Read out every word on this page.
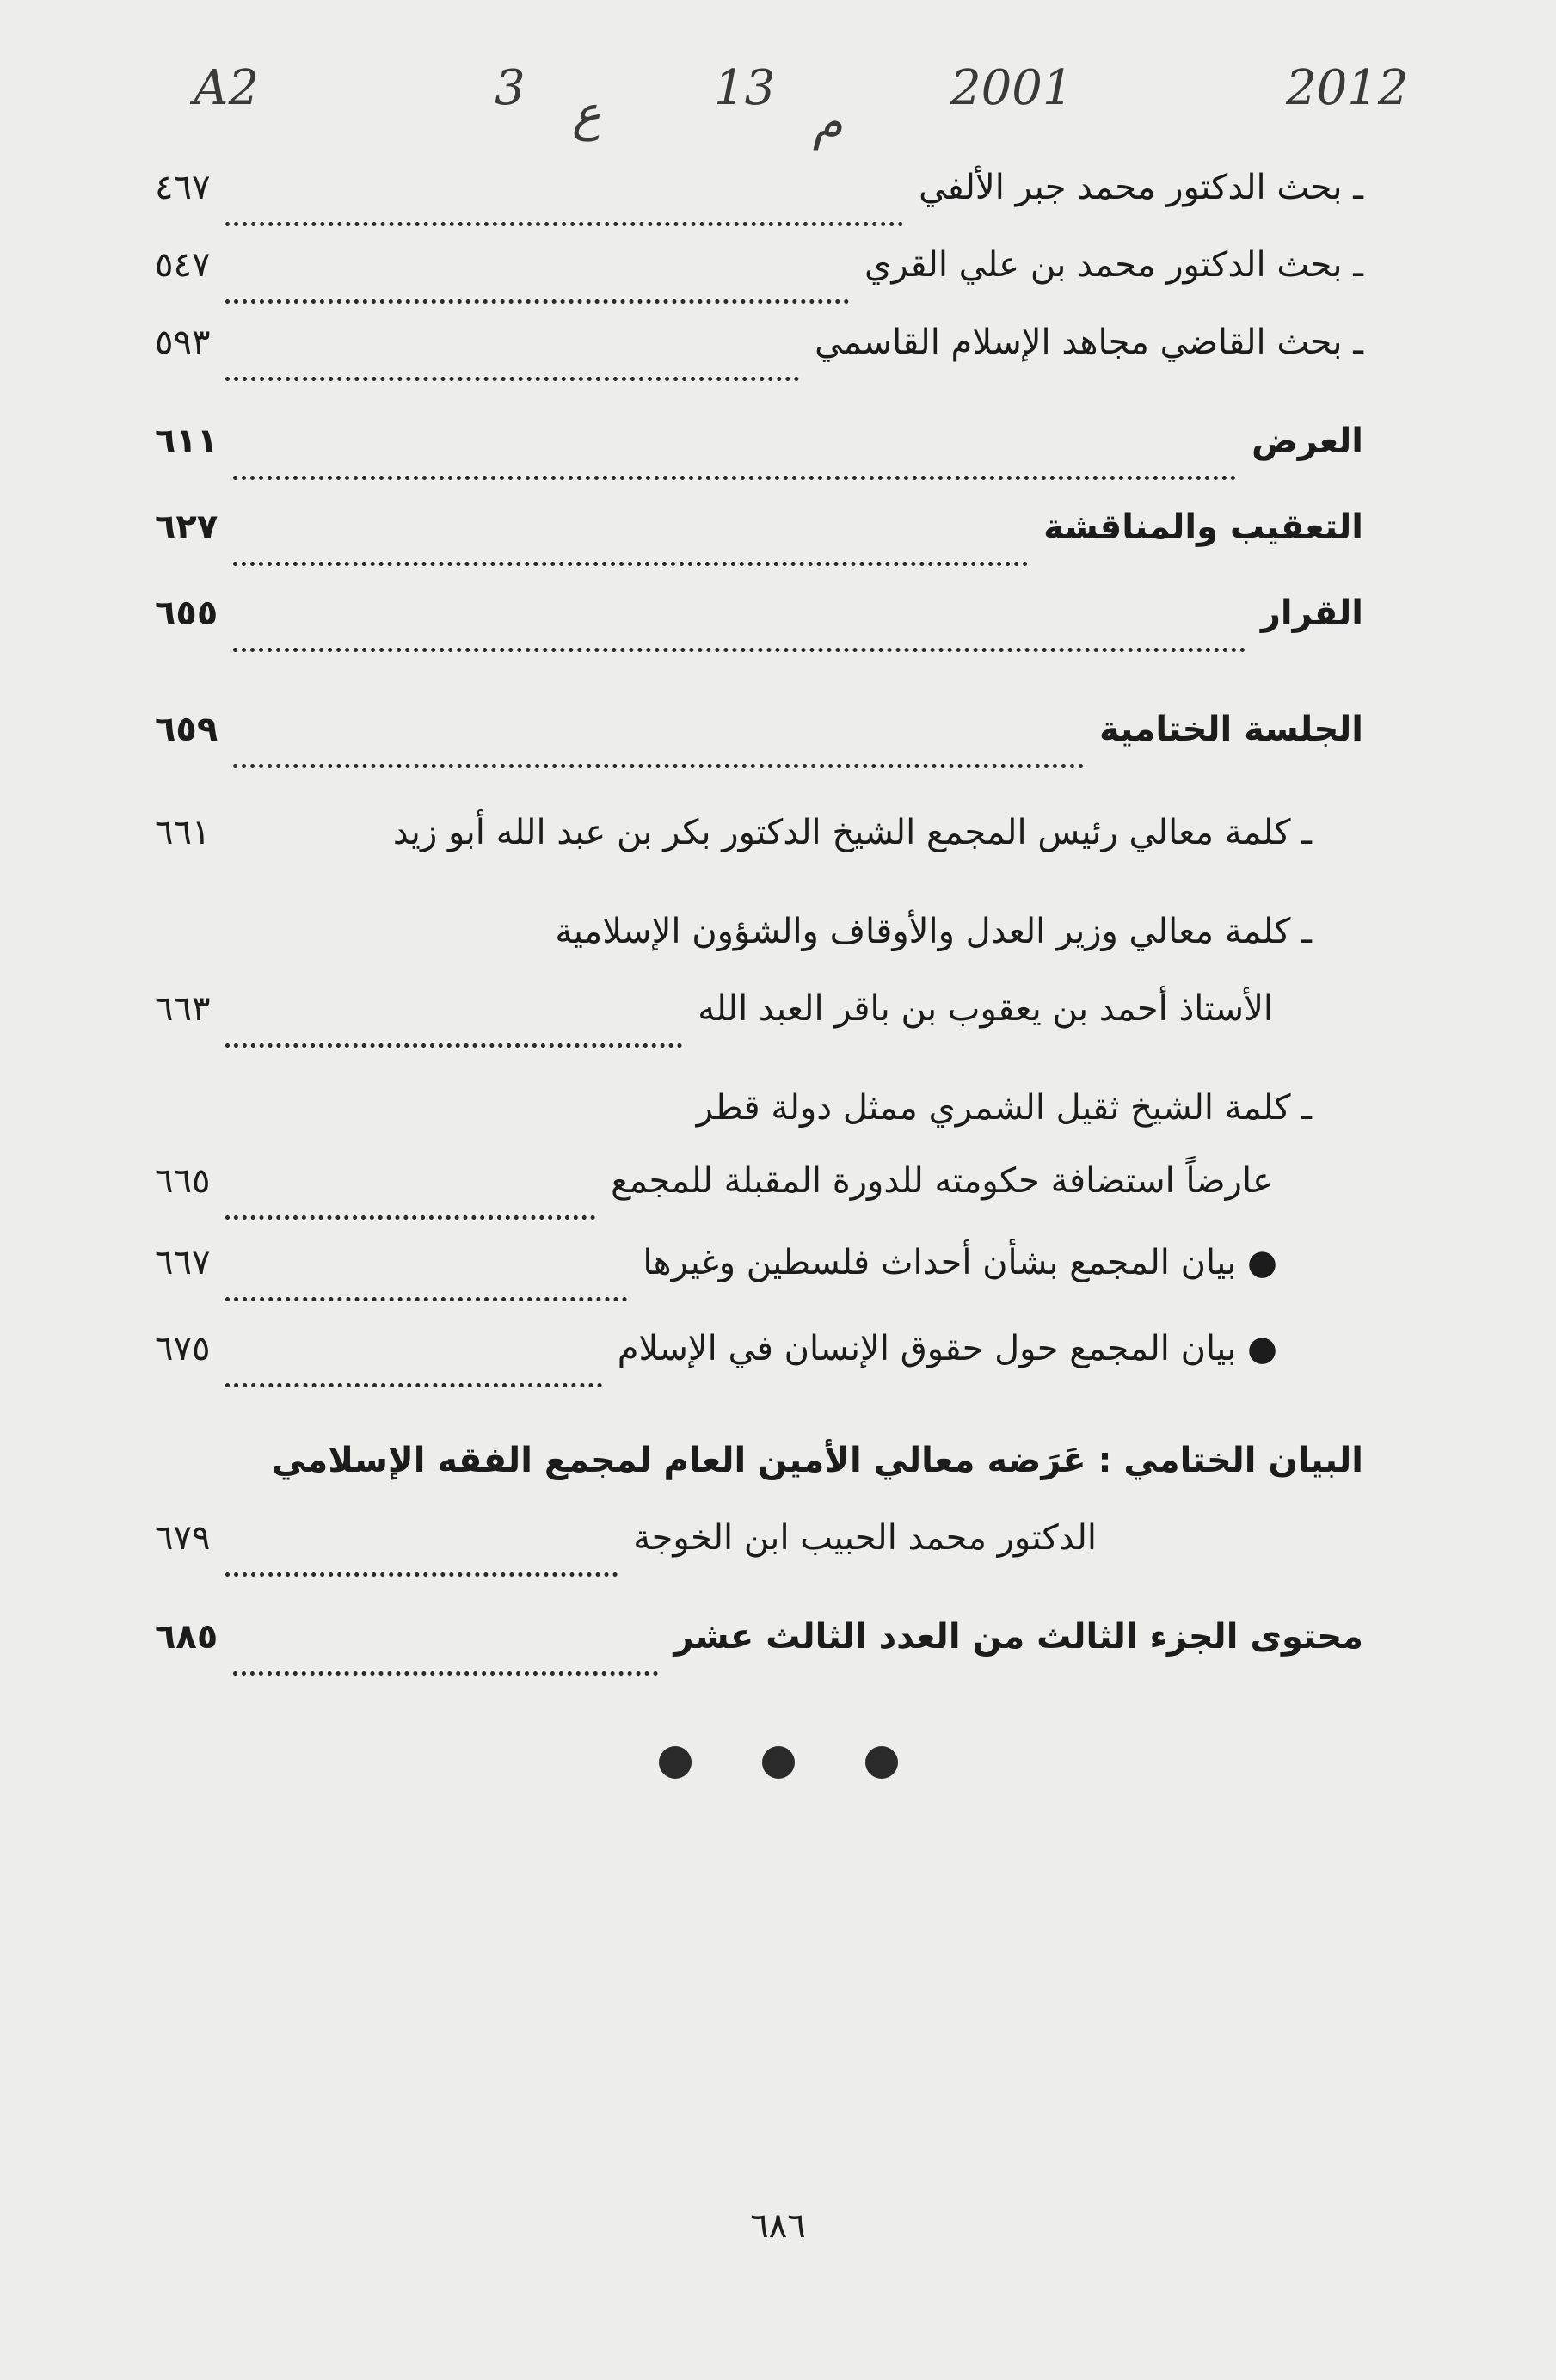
A2	3 ع 13
م
2001	2012
ـ بحث الدكتور محمد جبر الألفي
٤٦٧
ـ بحث الدكتور محمد بن علي القري
٥٤٧
ـ بحث القاضي مجاهد الإسلام القاسمي
٥٩٣
العرض
٦١١
التعقيب والمناقشة
٦٢٧
القرار
٦٥٥
الجلسة الختامية
٦٥٩
ـ كلمة معالي رئيس المجمع الشيخ الدكتور بكر بن عبد الله أبو زيد
٦٦١
ـ كلمة معالي وزير العدل والأوقاف والشؤون الإسلامية
الأستاذ أحمد بن يعقوب بن باقر العبد الله
٦٦٣
ـ كلمة الشيخ ثقيل الشمري ممثل دولة قطر
عارضاً استضافة حكومته للدورة المقبلة للمجمع
٦٦٥
● بيان المجمع بشأن أحداث فلسطين وغيرها
٦٦٧
● بيان المجمع حول حقوق الإنسان في الإسلام
٦٧٥
البيان الختامي : عَرَضه معالي الأمين العام لمجمع الفقه الإسلامي
الدكتور محمد الحبيب ابن الخوجة
٦٧٩
محتوى الجزء الثالث من العدد الثالث عشر
٦٨٥
٦٨٦
